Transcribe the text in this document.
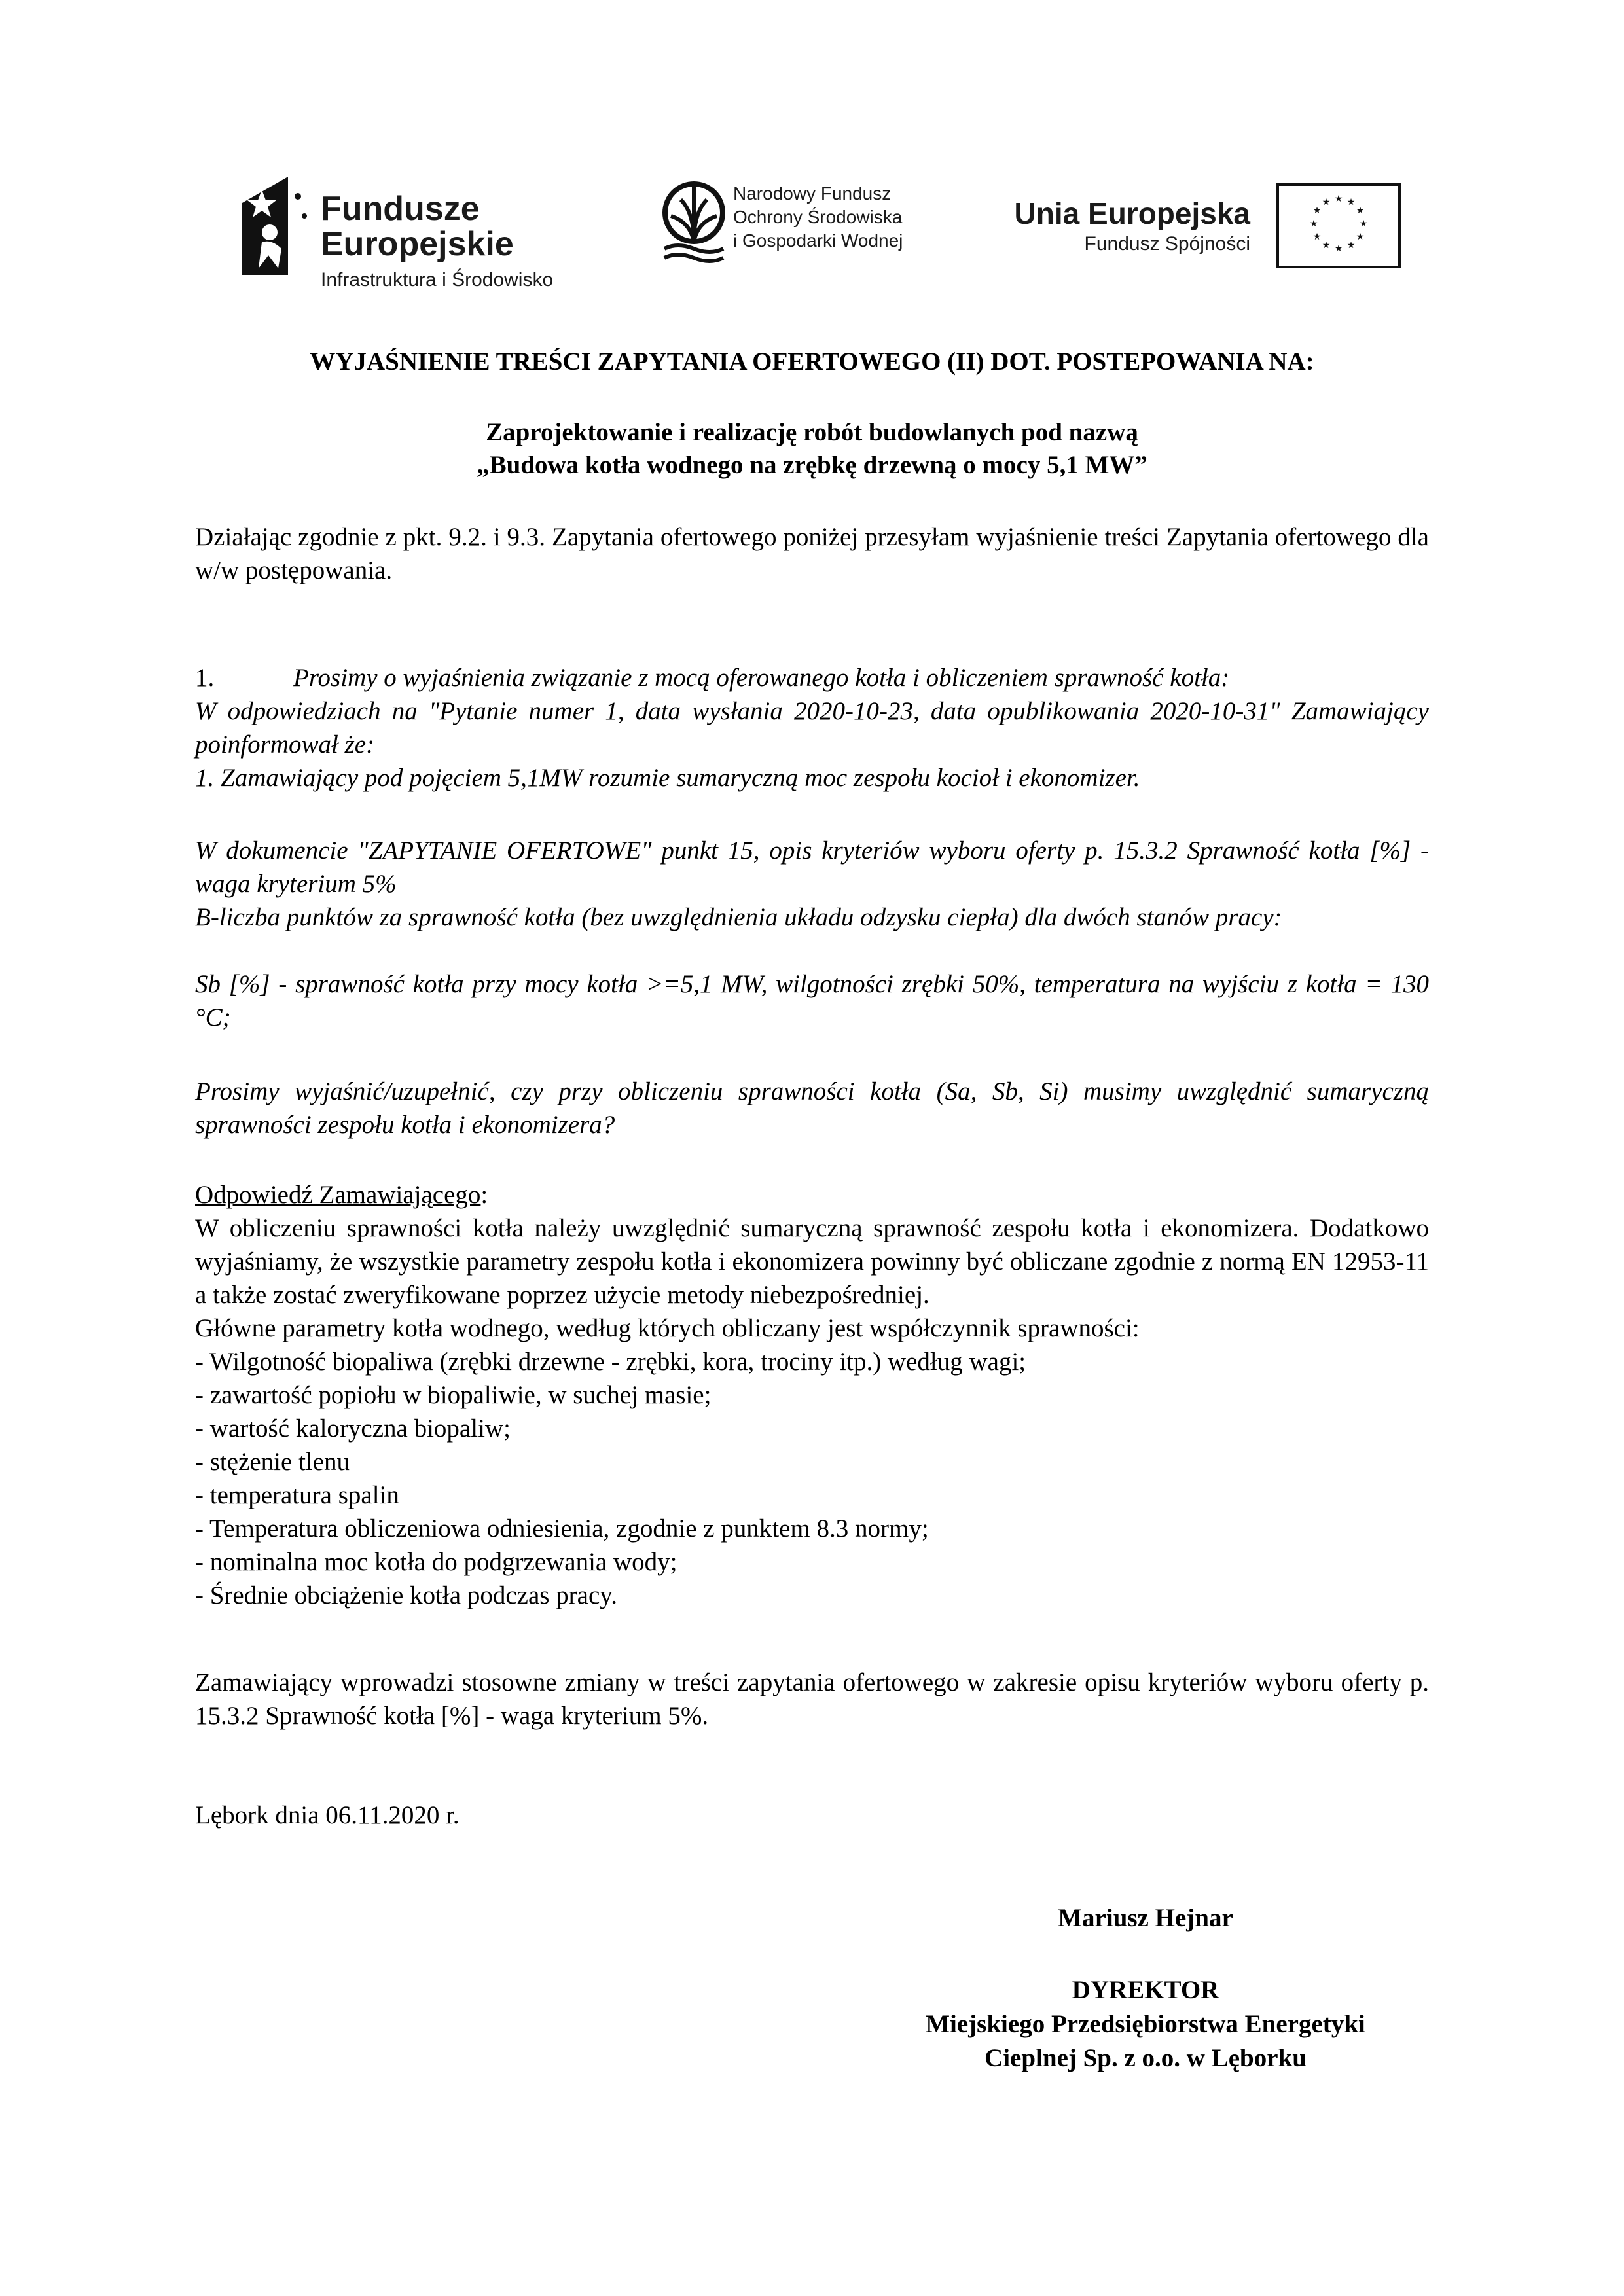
Fundusze
Europejskie
Infrastruktura i Środowisko
Narodowy Fundusz
Ochrony Środowiska
i Gospodarki Wodnej
Unia Europejska
Fundusz Spójności
★ ★
★
★
★
★
★
★
★
★
★
★
WYJAŚNIENIE TREŚCI ZAPYTANIA OFERTOWEGO (II) DOT. POSTEPOWANIA NA:
Zaprojektowanie i realizację robót budowlanych pod nazwą
„Budowa kotła wodnego na zrębkę drzewną o mocy 5,1 MW”
Działając zgodnie z pkt. 9.2. i 9.3. Zapytania ofertowego poniżej przesyłam wyjaśnienie treści Zapytania ofertowego dla w/w postępowania.
1.	Prosimy o wyjaśnienia związanie z mocą oferowanego kotła i obliczeniem sprawność kotła:
W odpowiedziach na "Pytanie numer 1, data wysłania 2020-10-23, data opublikowania 2020-10-31" Zamawiający poinformował że:
1. Zamawiający pod pojęciem 5,1MW rozumie sumaryczną moc zespołu kocioł i ekonomizer.
W dokumencie "ZAPYTANIE OFERTOWE" punkt 15, opis kryteriów wyboru oferty p. 15.3.2 Sprawność kotła [%] - waga kryterium 5%
B-liczba punktów za sprawność kotła (bez uwzględnienia układu odzysku ciepła) dla dwóch stanów pracy:
Sb [%] - sprawność kotła przy mocy kotła >=5,1 MW, wilgotności zrębki 50%, temperatura na wyjściu z kotła = 130 °C;
Prosimy wyjaśnić/uzupełnić, czy przy obliczeniu sprawności kotła (Sa, Sb, Si) musimy uwzględnić sumaryczną sprawności zespołu kotła i ekonomizera?
Odpowiedź Zamawiającego:
W obliczeniu sprawności kotła należy uwzględnić sumaryczną sprawność zespołu kotła i ekonomizera. Dodatkowo wyjaśniamy, że wszystkie parametry zespołu kotła i ekonomizera powinny być obliczane zgodnie z normą EN 12953-11 a także zostać zweryfikowane poprzez użycie metody niebezpośredniej.
Główne parametry kotła wodnego, według których obliczany jest współczynnik sprawności:
- Wilgotność biopaliwa (zrębki drzewne - zrębki, kora, trociny itp.) według wagi;
- zawartość popiołu w biopaliwie, w suchej masie;
- wartość kaloryczna biopaliw;
- stężenie tlenu
- temperatura spalin
- Temperatura obliczeniowa odniesienia, zgodnie z punktem 8.3 normy;
- nominalna moc kotła do podgrzewania wody;
- Średnie obciążenie kotła podczas pracy.
Zamawiający wprowadzi stosowne zmiany w treści zapytania ofertowego w zakresie opisu kryteriów wyboru oferty p. 15.3.2 Sprawność kotła [%] - waga kryterium 5%.
Lębork dnia 06.11.2020 r.
Mariusz Hejnar
DYREKTOR
Miejskiego Przedsiębiorstwa Energetyki
Cieplnej Sp. z o.o. w Lęborku
